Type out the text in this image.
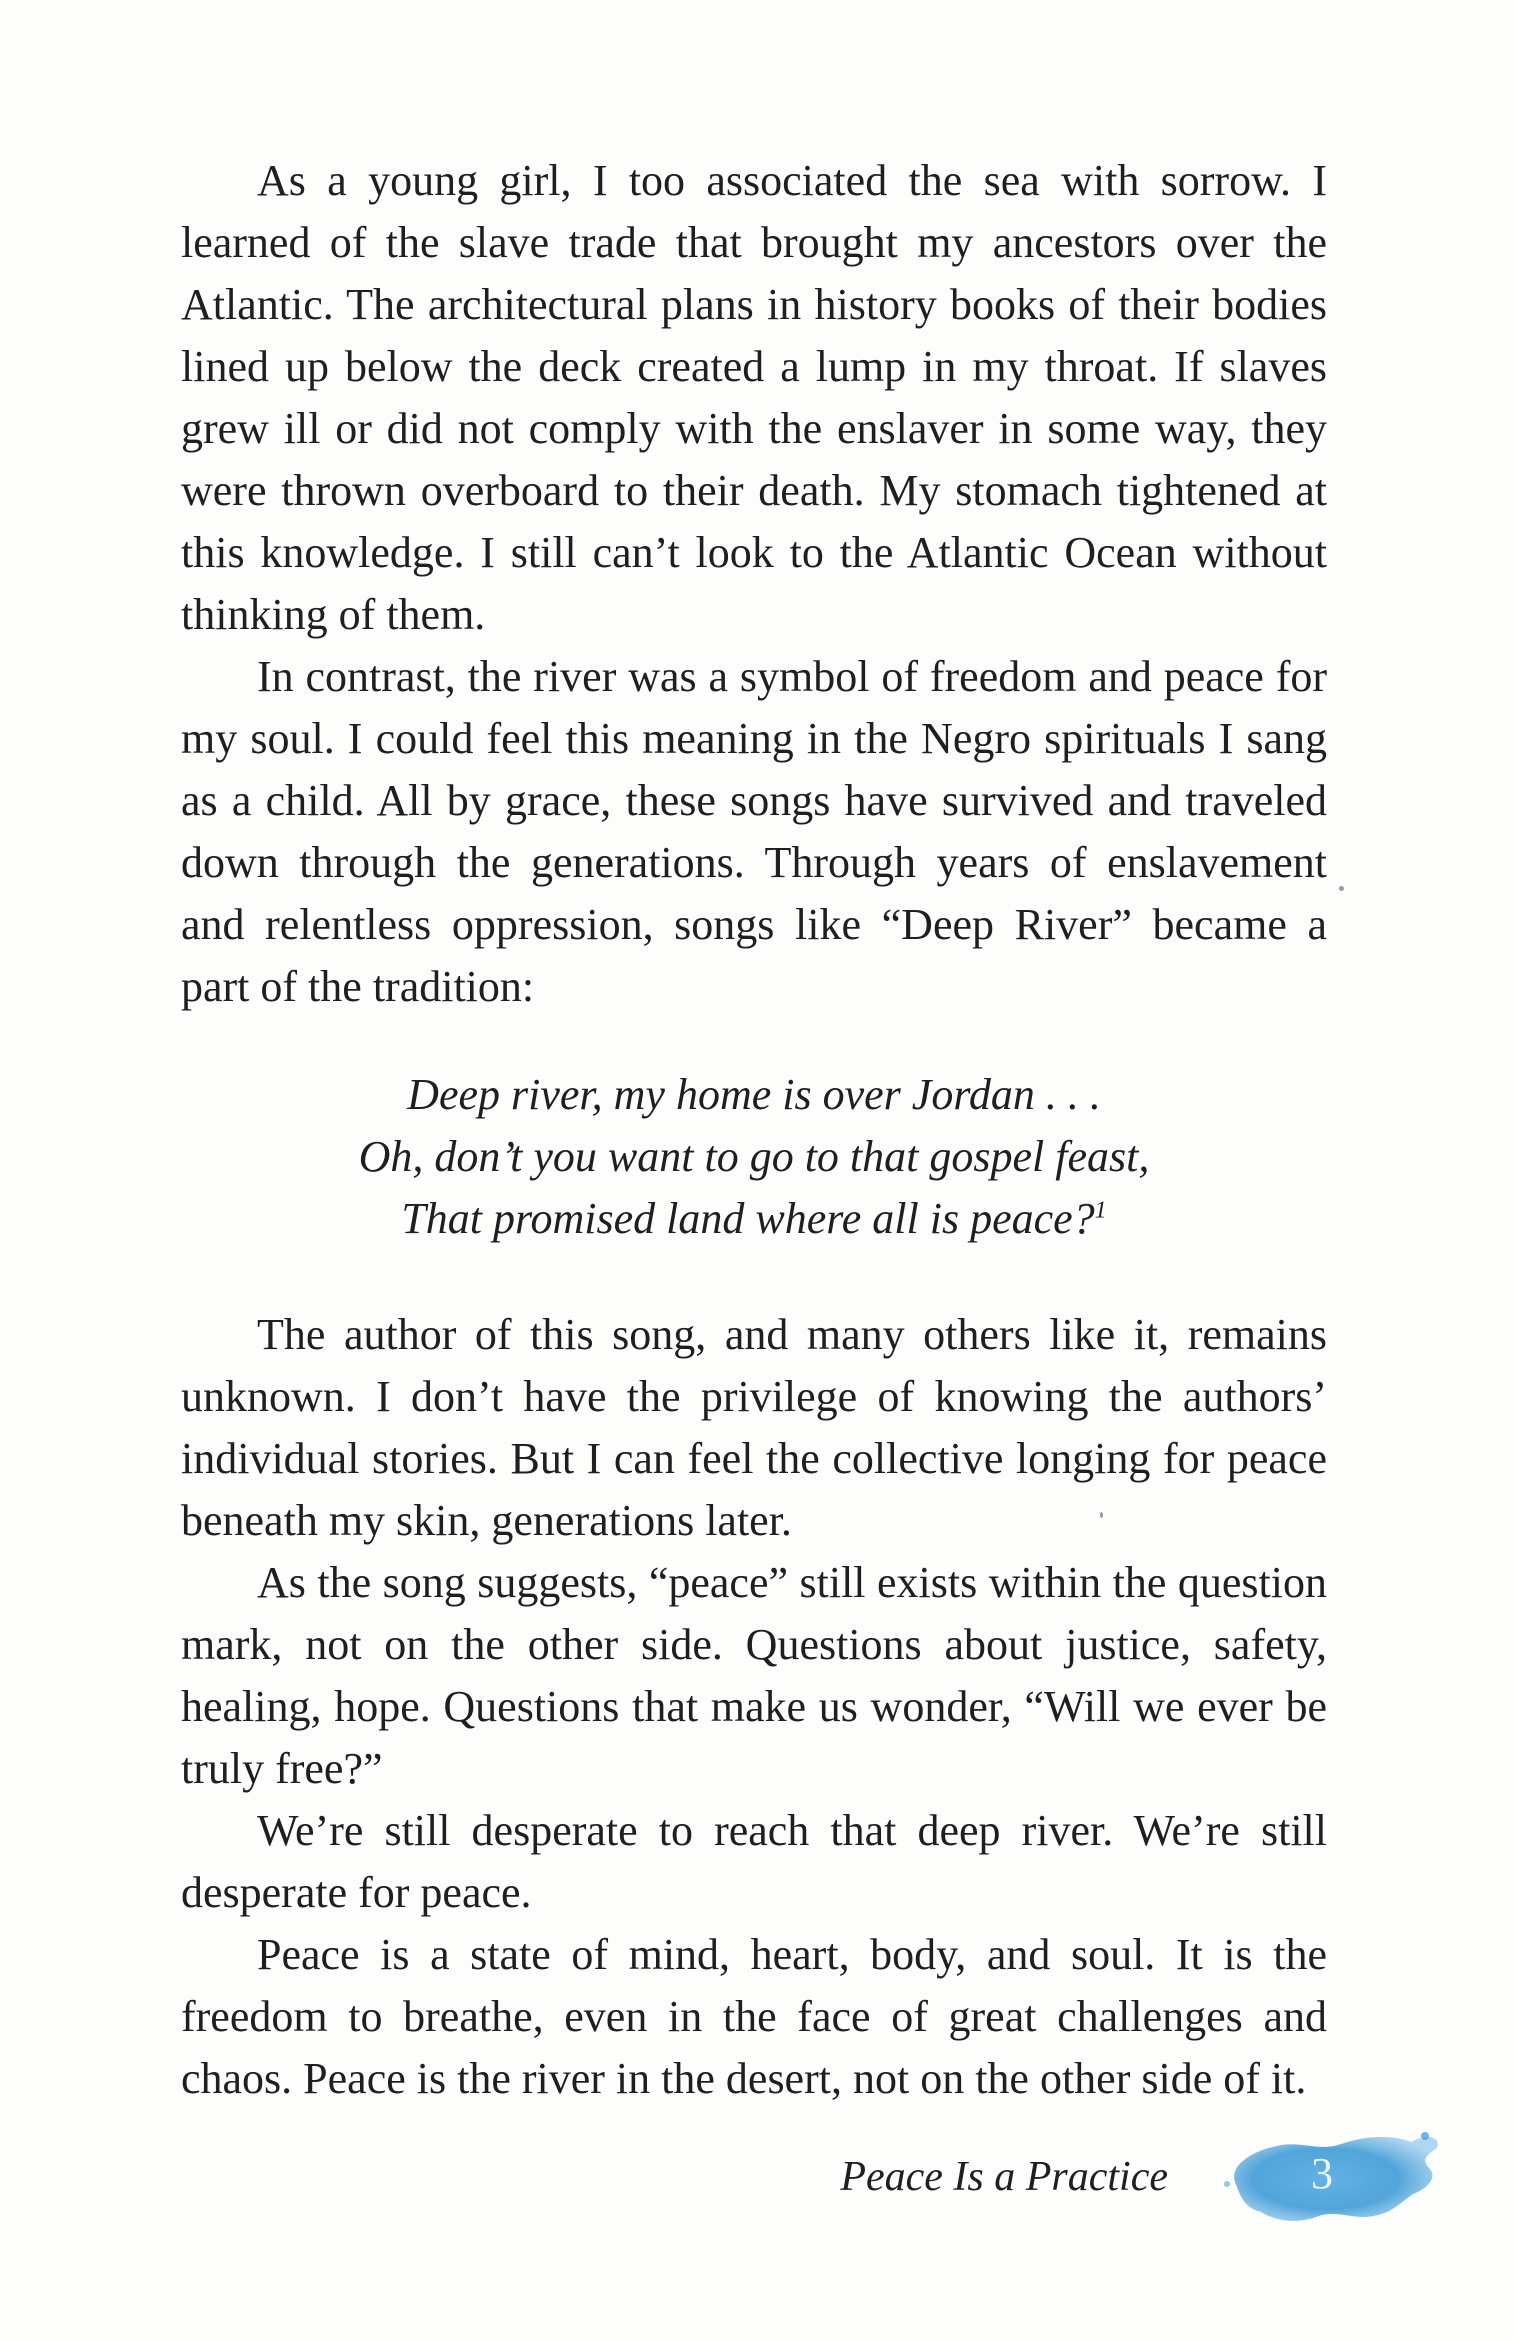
As a young girl, I too associated the sea with sorrow. I learned of the slave trade that brought my ancestors over the Atlantic. The architectural plans in history books of their bodies lined up below the deck created a lump in my throat. If slaves grew ill or did not comply with the enslaver in some way, they were thrown overboard to their death. My stomach tightened at this knowledge. I still can’t look to the Atlantic Ocean without thinking of them.

In contrast, the river was a symbol of freedom and peace for my soul. I could feel this meaning in the Negro spirituals I sang as a child. All by grace, these songs have survived and traveled down through the generations. Through years of enslavement and relentless oppression, songs like “Deep River” became a part of the tradition:

Deep river, my home is over Jordan . . .
Oh, don’t you want to go to that gospel feast,
That promised land where all is peace?$^1$

The author of this song, and many others like it, remains unknown. I don’t have the privilege of knowing the authors’ individual stories. But I can feel the collective longing for peace beneath my skin, generations later.

As the song suggests, “peace” still exists within the question mark, not on the other side. Questions about justice, safety, healing, hope. Questions that make us wonder, “Will we ever be truly free?”

We’re still desperate to reach that deep river. We’re still desperate for peace.

Peace is a state of mind, heart, body, and soul. It is the freedom to breathe, even in the face of great challenges and chaos. Peace is the river in the desert, not on the other side of it.

Peace Is a Practice	3
